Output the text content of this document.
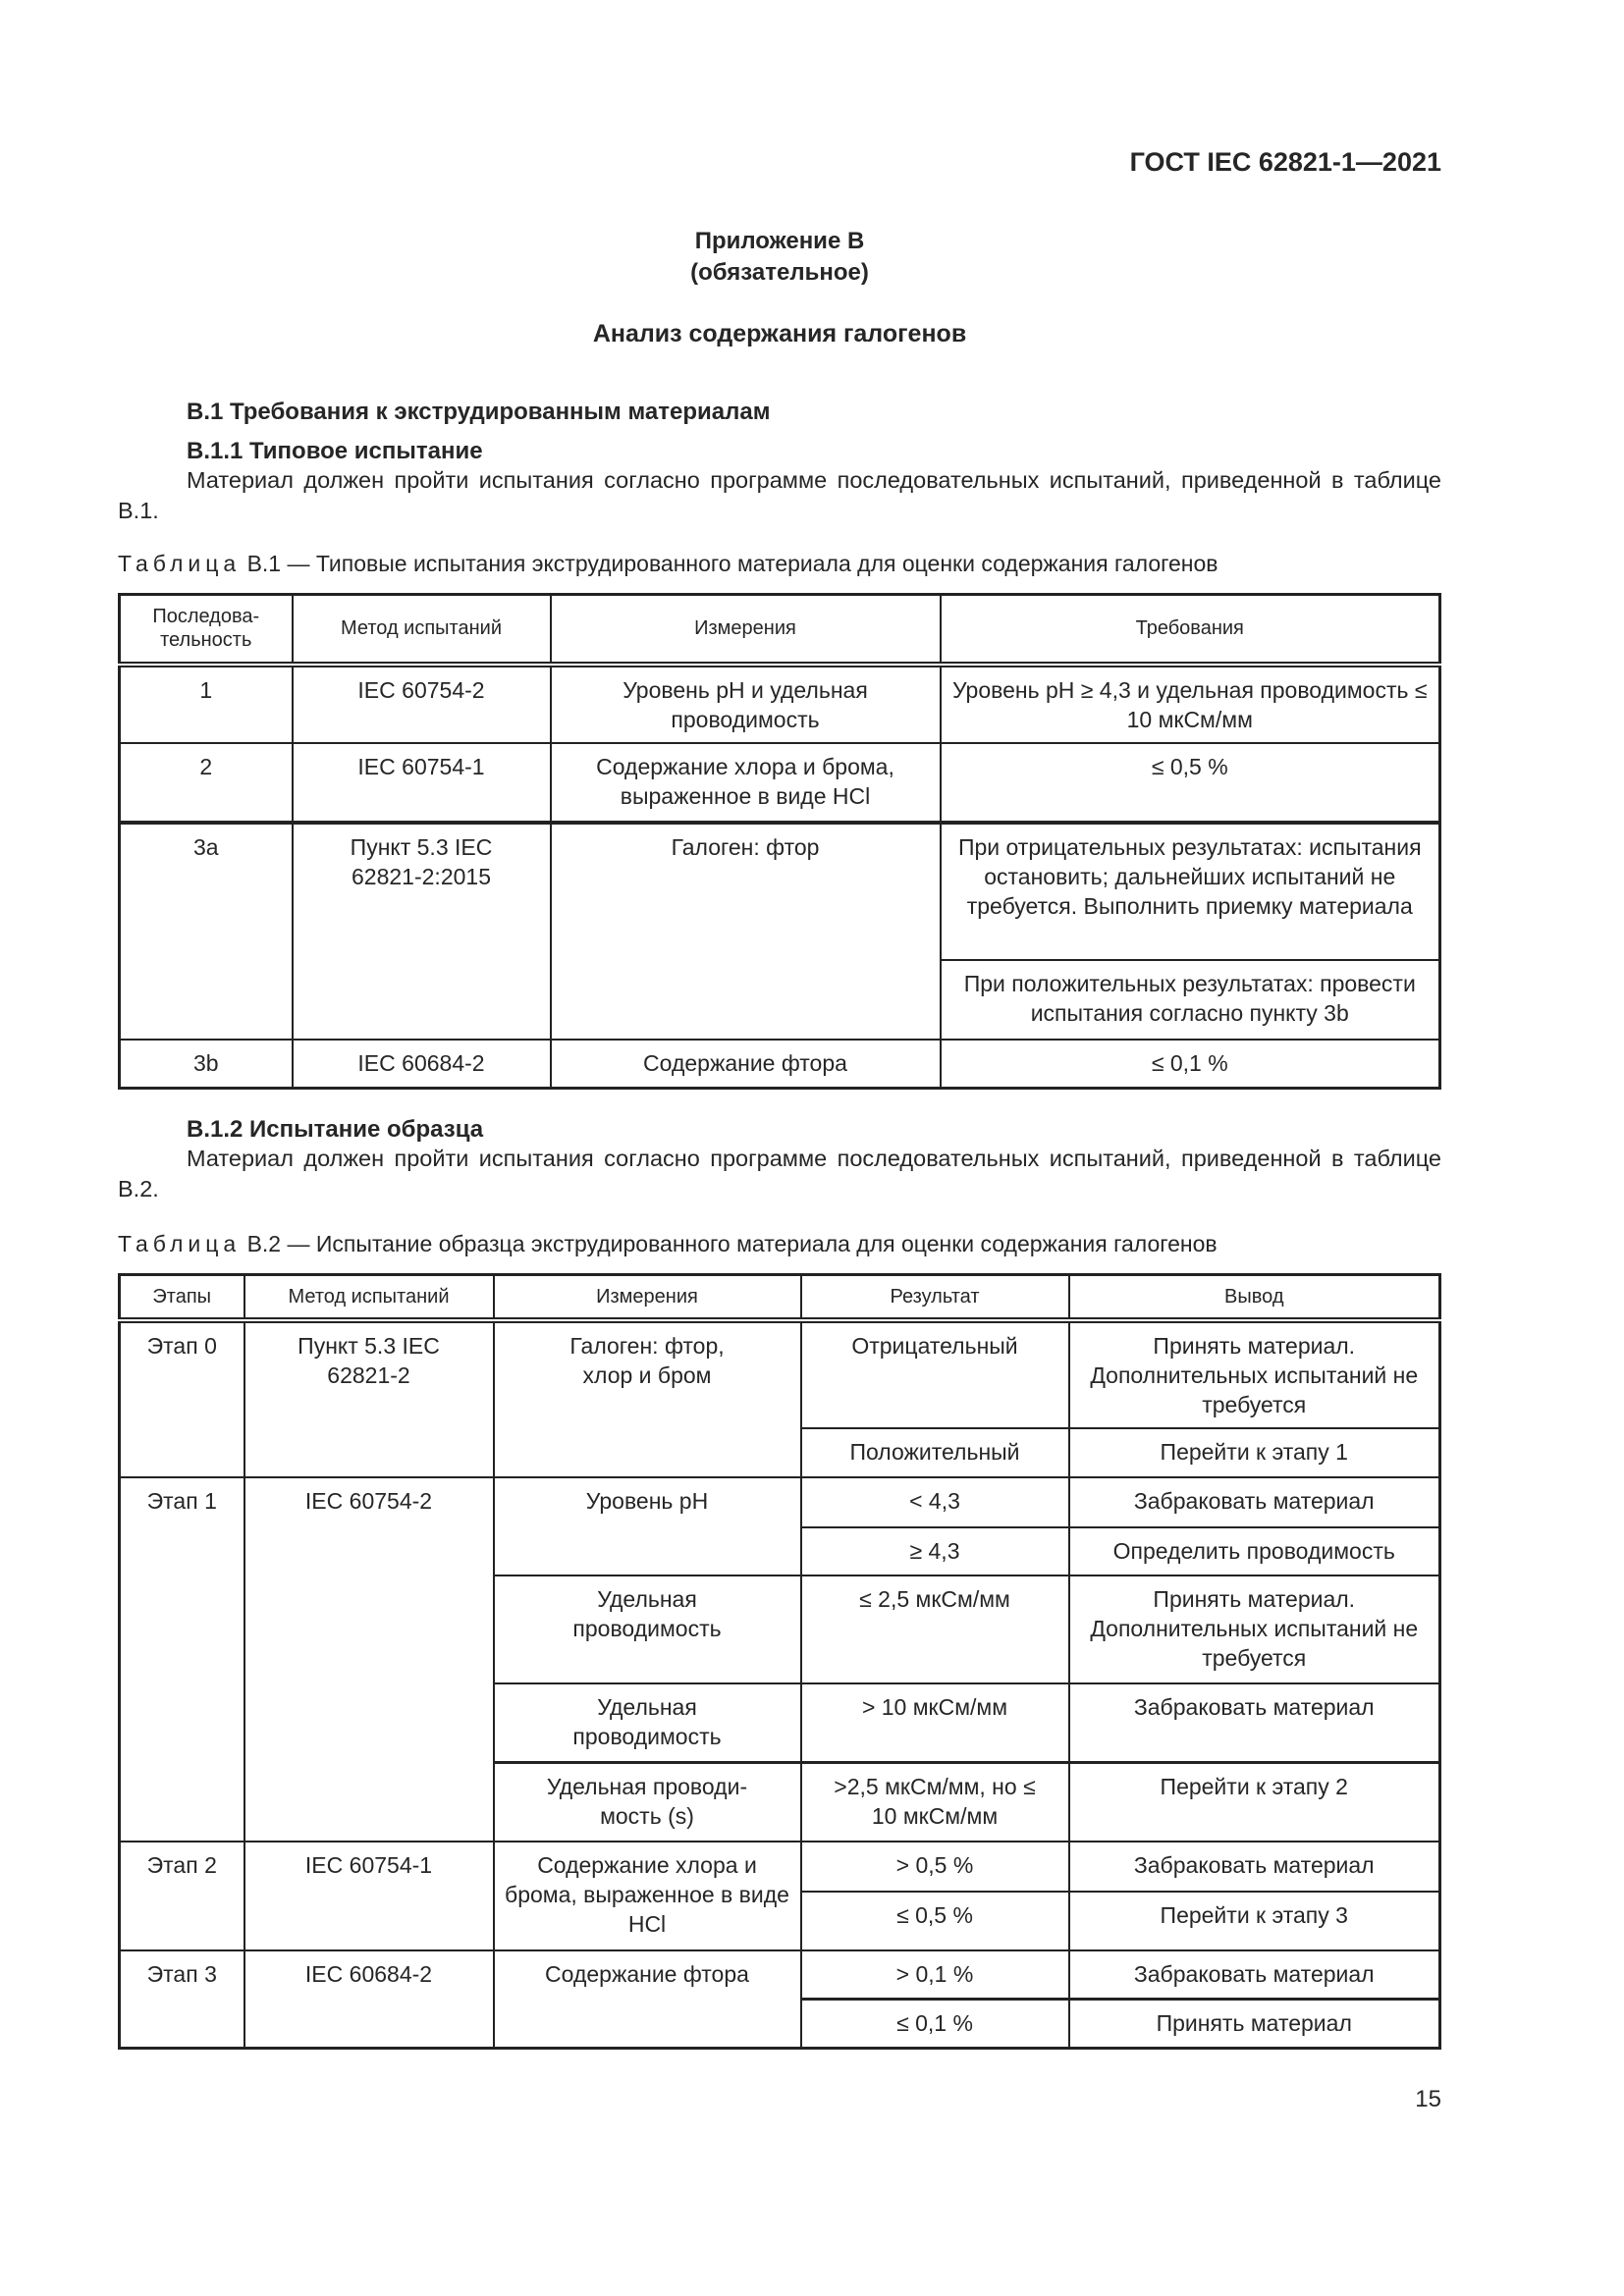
ГОСТ IEC 62821-1—2021
Приложение В
(обязательное)
Анализ содержания галогенов
В.1 Требования к экструдированным материалам
В.1.1 Типовое испытание
Материал должен пройти испытания согласно программе последовательных испытаний, приведенной в таблице В.1.
Таблица В.1 — Типовые испытания экструдированного материала для оценки содержания галогенов
Последова-тельность	Метод испытаний	Измерения	Требования
1	IEC 60754-2	Уровень pH и удельная проводимость	Уровень pH ≥ 4,3 и удельная проводимость ≤ 10 мкСм/мм
2	IEC 60754-1	Содержание хлора и брома, выраженное в виде HCl	≤ 0,5 %
3а	Пункт 5.3 IEC 62821-2:2015	Галоген: фтор	При отрицательных результатах: испытания остановить; дальнейших испытаний не требуется. Выполнить приемку материала
			При положительных результатах: провести испытания согласно пункту 3b
3b	IEC 60684-2	Содержание фтора	≤ 0,1 %
В.1.2 Испытание образца
Материал должен пройти испытания согласно программе последовательных испытаний, приведенной в таблице В.2.
Таблица В.2 — Испытание образца экструдированного материала для оценки содержания галогенов
Этапы	Метод испытаний	Измерения	Результат	Вывод
Этап 0	Пункт 5.3 IEC 62821-2	Галоген: фтор, хлор и бром	Отрицательный	Принять материал. Дополнительных испытаний не требуется
			Положительный	Перейти к этапу 1
Этап 1	IEC 60754-2	Уровень pH	< 4,3	Забраковать материал
			≥ 4,3	Определить проводимость
		Удельная проводимость	≤ 2,5 мкСм/мм	Принять материал. Дополнительных испытаний не требуется
		Удельная проводимость	> 10 мкСм/мм	Забраковать материал
		Удельная проводи-мость (s)	>2,5 мкСм/мм, но ≤ 10 мкСм/мм	Перейти к этапу 2
Этап 2	IEC 60754-1	Содержание хлора и брома, выраженное в виде HCl	> 0,5 %	Забраковать материал
			≤ 0,5 %	Перейти к этапу 3
Этап 3	IEC 60684-2	Содержание фтора	> 0,1 %	Забраковать материал
			≤ 0,1 %	Принять материал
15
